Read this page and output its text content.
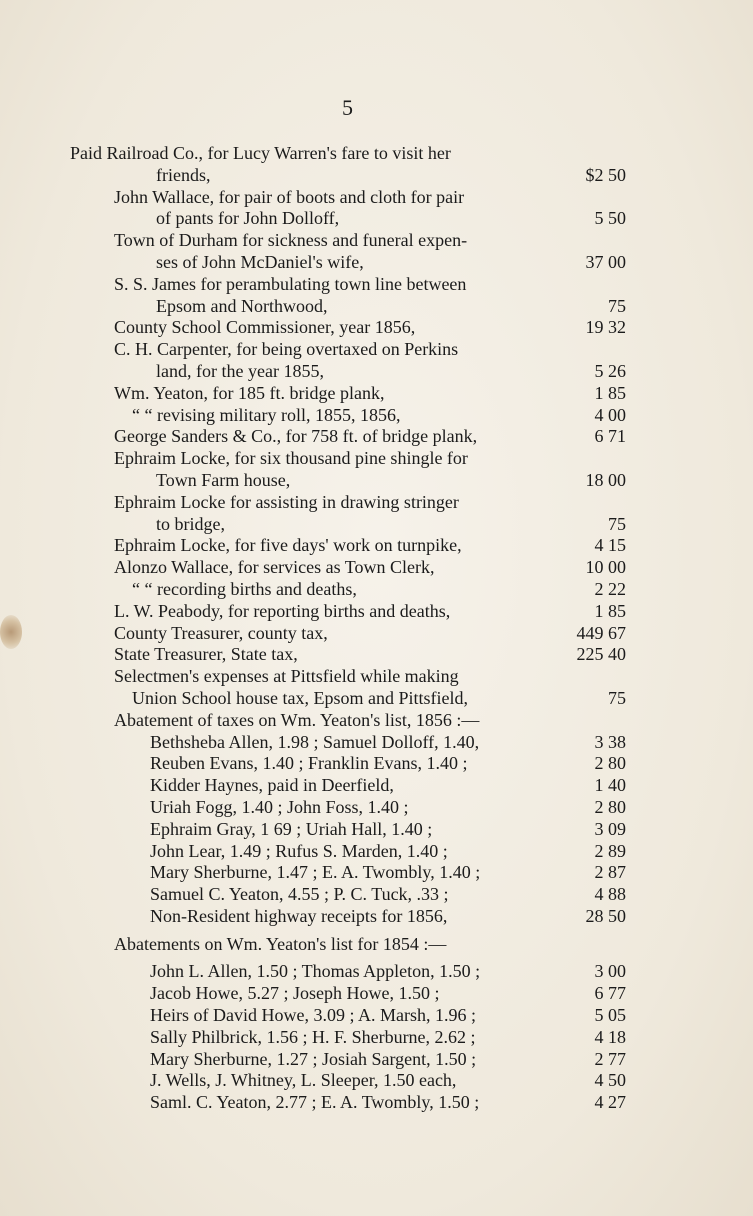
5
Paid Railroad Co., for Lucy Warren's fare to visit her
friends,	$2 50
John Wallace, for pair of boots and cloth for pair
of pants for John Dolloff,	5 50
Town of Durham for sickness and funeral expen-
ses of John McDaniel's wife,	37 00
S. S. James for perambulating town line between
Epsom and Northwood,	75
County School Commissioner, year 1856,	19 32
C. H. Carpenter, for being overtaxed on Perkins
land, for the year 1855,	5 26
Wm. Yeaton, for 185 ft. bridge plank,	1 85
“ “ revising military roll, 1855, 1856,	4 00
George Sanders & Co., for 758 ft. of bridge plank,	6 71
Ephraim Locke, for six thousand pine shingle for
Town Farm house,	18 00
Ephraim Locke for assisting in drawing stringer
to bridge,	75
Ephraim Locke, for five days' work on turnpike,	4 15
Alonzo Wallace, for services as Town Clerk,	10 00
“ “ recording births and deaths,	2 22
L. W. Peabody, for reporting births and deaths,	1 85
County Treasurer, county tax,	449 67
State Treasurer, State tax,	225 40
Selectmen's expenses at Pittsfield while making
Union School house tax, Epsom and Pittsfield,	75
Abatement of taxes on Wm. Yeaton's list, 1856 :—
Bethsheba Allen, 1.98 ; Samuel Dolloff, 1.40,	3 38
Reuben Evans, 1.40 ; Franklin Evans, 1.40 ;	2 80
Kidder Haynes, paid in Deerfield,	1 40
Uriah Fogg, 1.40 ; John Foss, 1.40 ;	2 80
Ephraim Gray, 1 69 ; Uriah Hall, 1.40 ;	3 09
John Lear, 1.49 ; Rufus S. Marden, 1.40 ;	2 89
Mary Sherburne, 1.47 ; E. A. Twombly, 1.40 ;	2 87
Samuel C. Yeaton, 4.55 ; P. C. Tuck, .33 ;	4 88
Non-Resident highway receipts for 1856,	28 50
Abatements on Wm. Yeaton's list for 1854 :—
John L. Allen, 1.50 ; Thomas Appleton, 1.50 ;	3 00
Jacob Howe, 5.27 ; Joseph Howe, 1.50 ;	6 77
Heirs of David Howe, 3.09 ; A. Marsh, 1.96 ;	5 05
Sally Philbrick, 1.56 ; H. F. Sherburne, 2.62 ;	4 18
Mary Sherburne, 1.27 ; Josiah Sargent, 1.50 ;	2 77
J. Wells, J. Whitney, L. Sleeper, 1.50 each,	4 50
Saml. C. Yeaton, 2.77 ; E. A. Twombly, 1.50 ;	4 27
